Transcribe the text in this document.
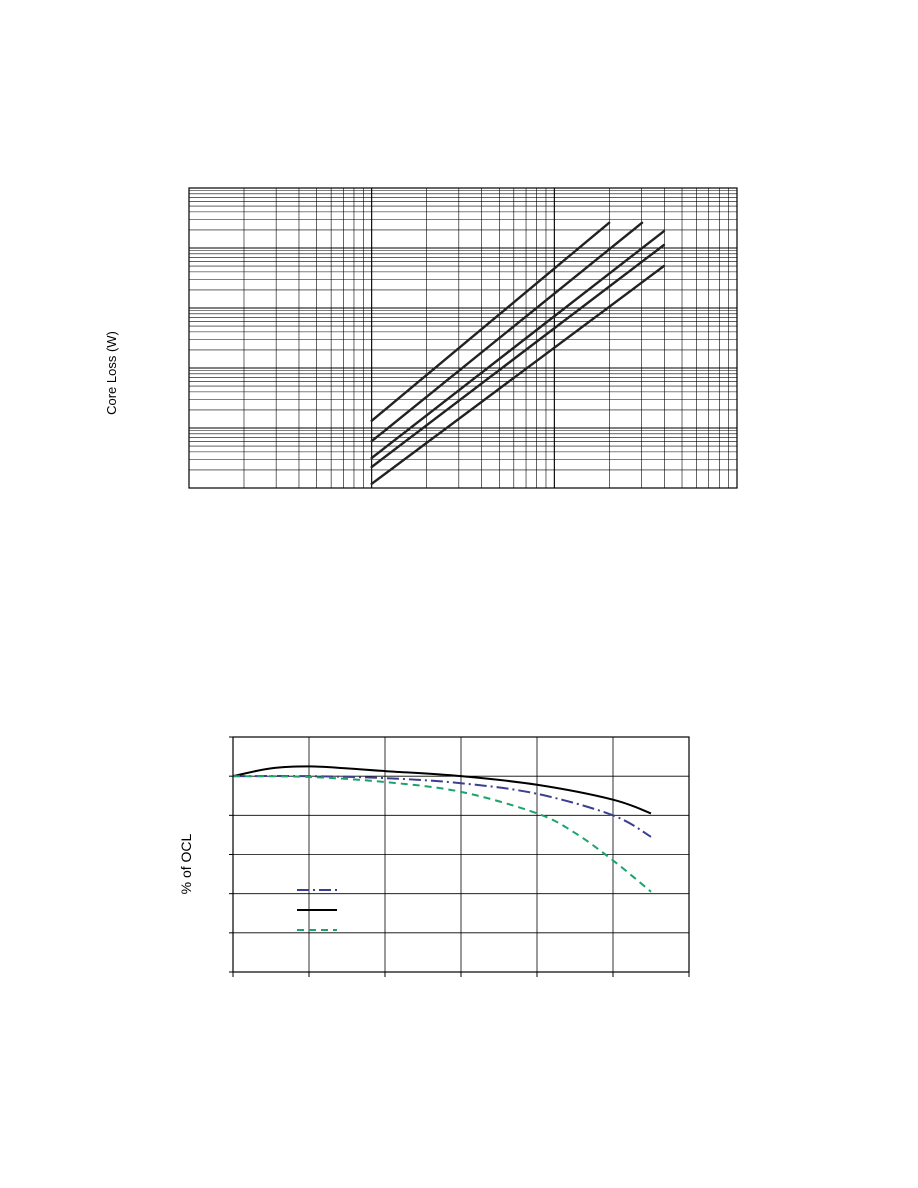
Core Loss (W)
% of OCL
